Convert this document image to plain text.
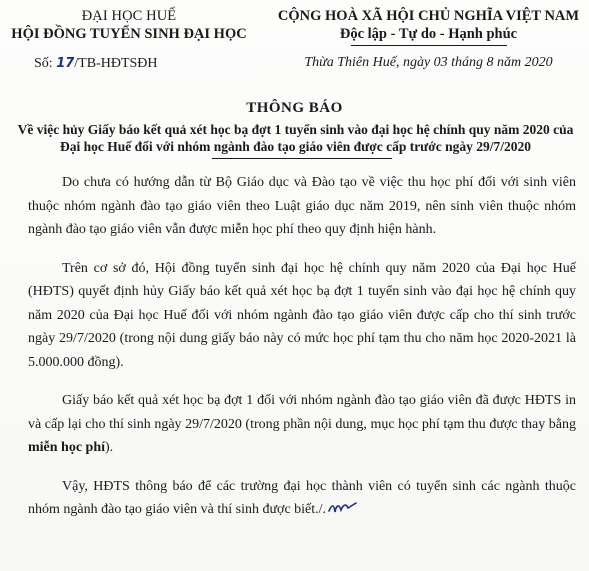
ĐẠI HỌC HUẾ
HỘI ĐỒNG TUYỂN SINH ĐẠI HỌC
Số: 17/TB-HĐTSĐH
CỘNG HOÀ XÃ HỘI CHỦ NGHĨA VIỆT NAM
Độc lập - Tự do - Hạnh phúc
Thừa Thiên Huế, ngày 03 tháng 8 năm 2020
THÔNG BÁO
Về việc hủy Giấy báo kết quả xét học bạ đợt 1 tuyển sinh vào đại học hệ chính quy năm 2020 của Đại học Huế đối với nhóm ngành đào tạo giáo viên được cấp trước ngày 29/7/2020

Do chưa có hướng dẫn từ Bộ Giáo dục và Đào tạo về việc thu học phí đối với sinh viên thuộc nhóm ngành đào tạo giáo viên theo Luật giáo dục năm 2019, nên sinh viên thuộc nhóm ngành đào tạo giáo viên vẫn được miễn học phí theo quy định hiện hành.

Trên cơ sở đó, Hội đồng tuyển sinh đại học hệ chính quy năm 2020 của Đại học Huế (HĐTS) quyết định hủy Giấy báo kết quả xét học bạ đợt 1 tuyển sinh vào đại học hệ chính quy năm 2020 của Đại học Huế đối với nhóm ngành đào tạo giáo viên được cấp cho thí sinh trước ngày 29/7/2020 (trong nội dung giấy báo này có mức học phí tạm thu cho năm học 2020-2021 là 5.000.000 đồng).

Giấy báo kết quả xét học bạ đợt 1 đối với nhóm ngành đào tạo giáo viên đã được HĐTS in và cấp lại cho thí sinh ngày 29/7/2020 (trong phần nội dung, mục học phí tạm thu được thay bằng miễn học phí).

Vậy, HĐTS thông báo để các trường đại học thành viên có tuyển sinh các ngành thuộc nhóm ngành đào tạo giáo viên và thí sinh được biết./.
